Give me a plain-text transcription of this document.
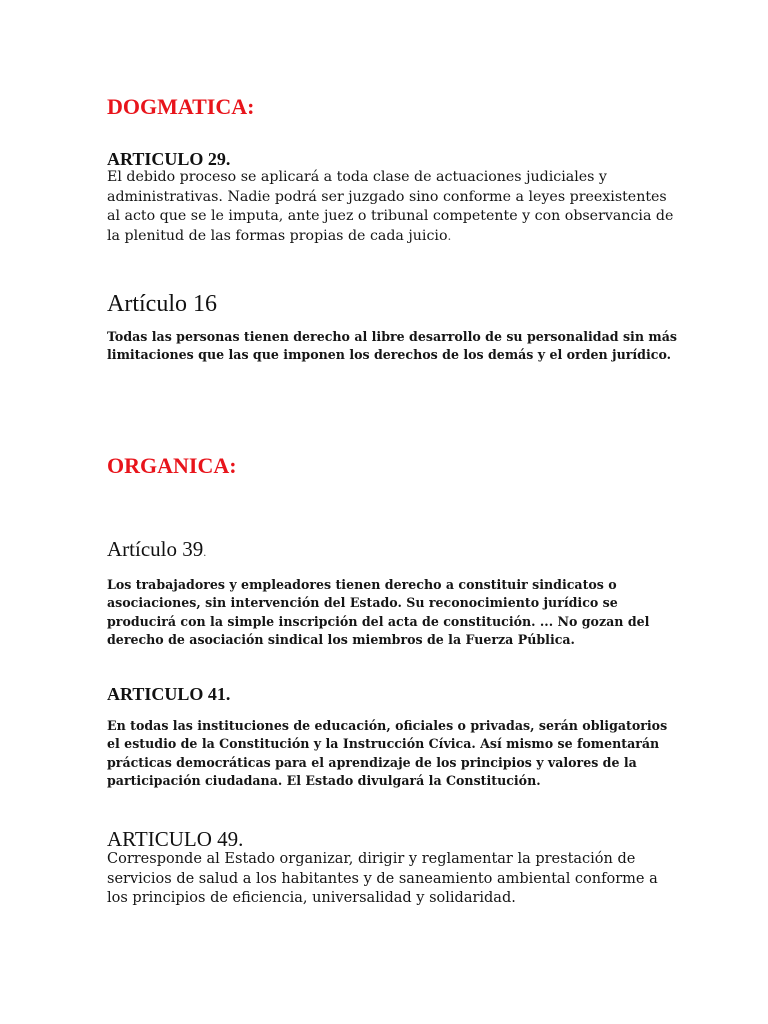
DOGMATICA:
ARTICULO 29.

El debido proceso se aplicará a toda clase de actuaciones judiciales y administrativas. Nadie podrá ser juzgado sino conforme a leyes preexistentes al acto que se le imputa, ante juez o tribunal competente y con observancia de la plenitud de las formas propias de cada juicio.

Artículo 16

Todas las personas tienen derecho al libre desarrollo de su personalidad sin más limitaciones que las que imponen los derechos de los demás y el orden jurídico.

ORGANICA:
Artículo 39.

Los trabajadores y empleadores tienen derecho a constituir sindicatos o asociaciones, sin intervención del Estado. Su reconocimiento jurídico se producirá con la simple inscripción del acta de constitución. ... No gozan del derecho de asociación sindical los miembros de la Fuerza Pública.

ARTICULO 41.

En todas las instituciones de educación, oficiales o privadas, serán obligatorios el estudio de la Constitución y la Instrucción Cívica. Así mismo se fomentarán prácticas democráticas para el aprendizaje de los principios y valores de la participación ciudadana. El Estado divulgará la Constitución.

ARTICULO 49.

Corresponde al Estado organizar, dirigir y reglamentar la prestación de servicios de salud a los habitantes y de saneamiento ambiental conforme a los principios de eficiencia, universalidad y solidaridad.
